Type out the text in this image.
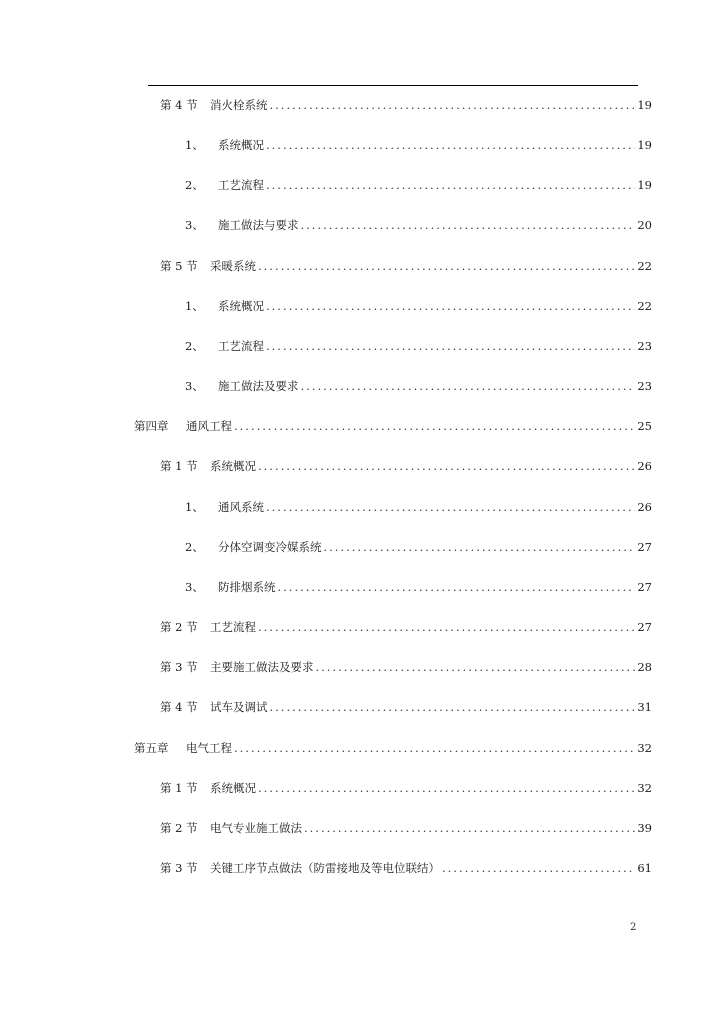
第 4 节	消火栓系统 .....	19
1、	系统概况 .....	19
2、	工艺流程 .....	19
3、	施工做法与要求 .....	20
第 5 节	采暖系统 .....	22
1、	系统概况 .....	22
2、	工艺流程 .....	23
3、	施工做法及要求 .....	23
第四章	通风工程 .....	25
第 1 节	系统概况 .....	26
1、	通风系统 .....	26
2、	分体空调变冷媒系统 .....	27
3、	防排烟系统 .....	27
第 2 节	工艺流程 .....	27
第 3 节	主要施工做法及要求 .....	28
第 4 节	试车及调试 .....	31
第五章	电气工程 .....	32
第 1 节	系统概况 .....	32
第 2 节	电气专业施工做法 .....	39
第 3 节	关键工序节点做法（防雷接地及等电位联结） .....	61
2
